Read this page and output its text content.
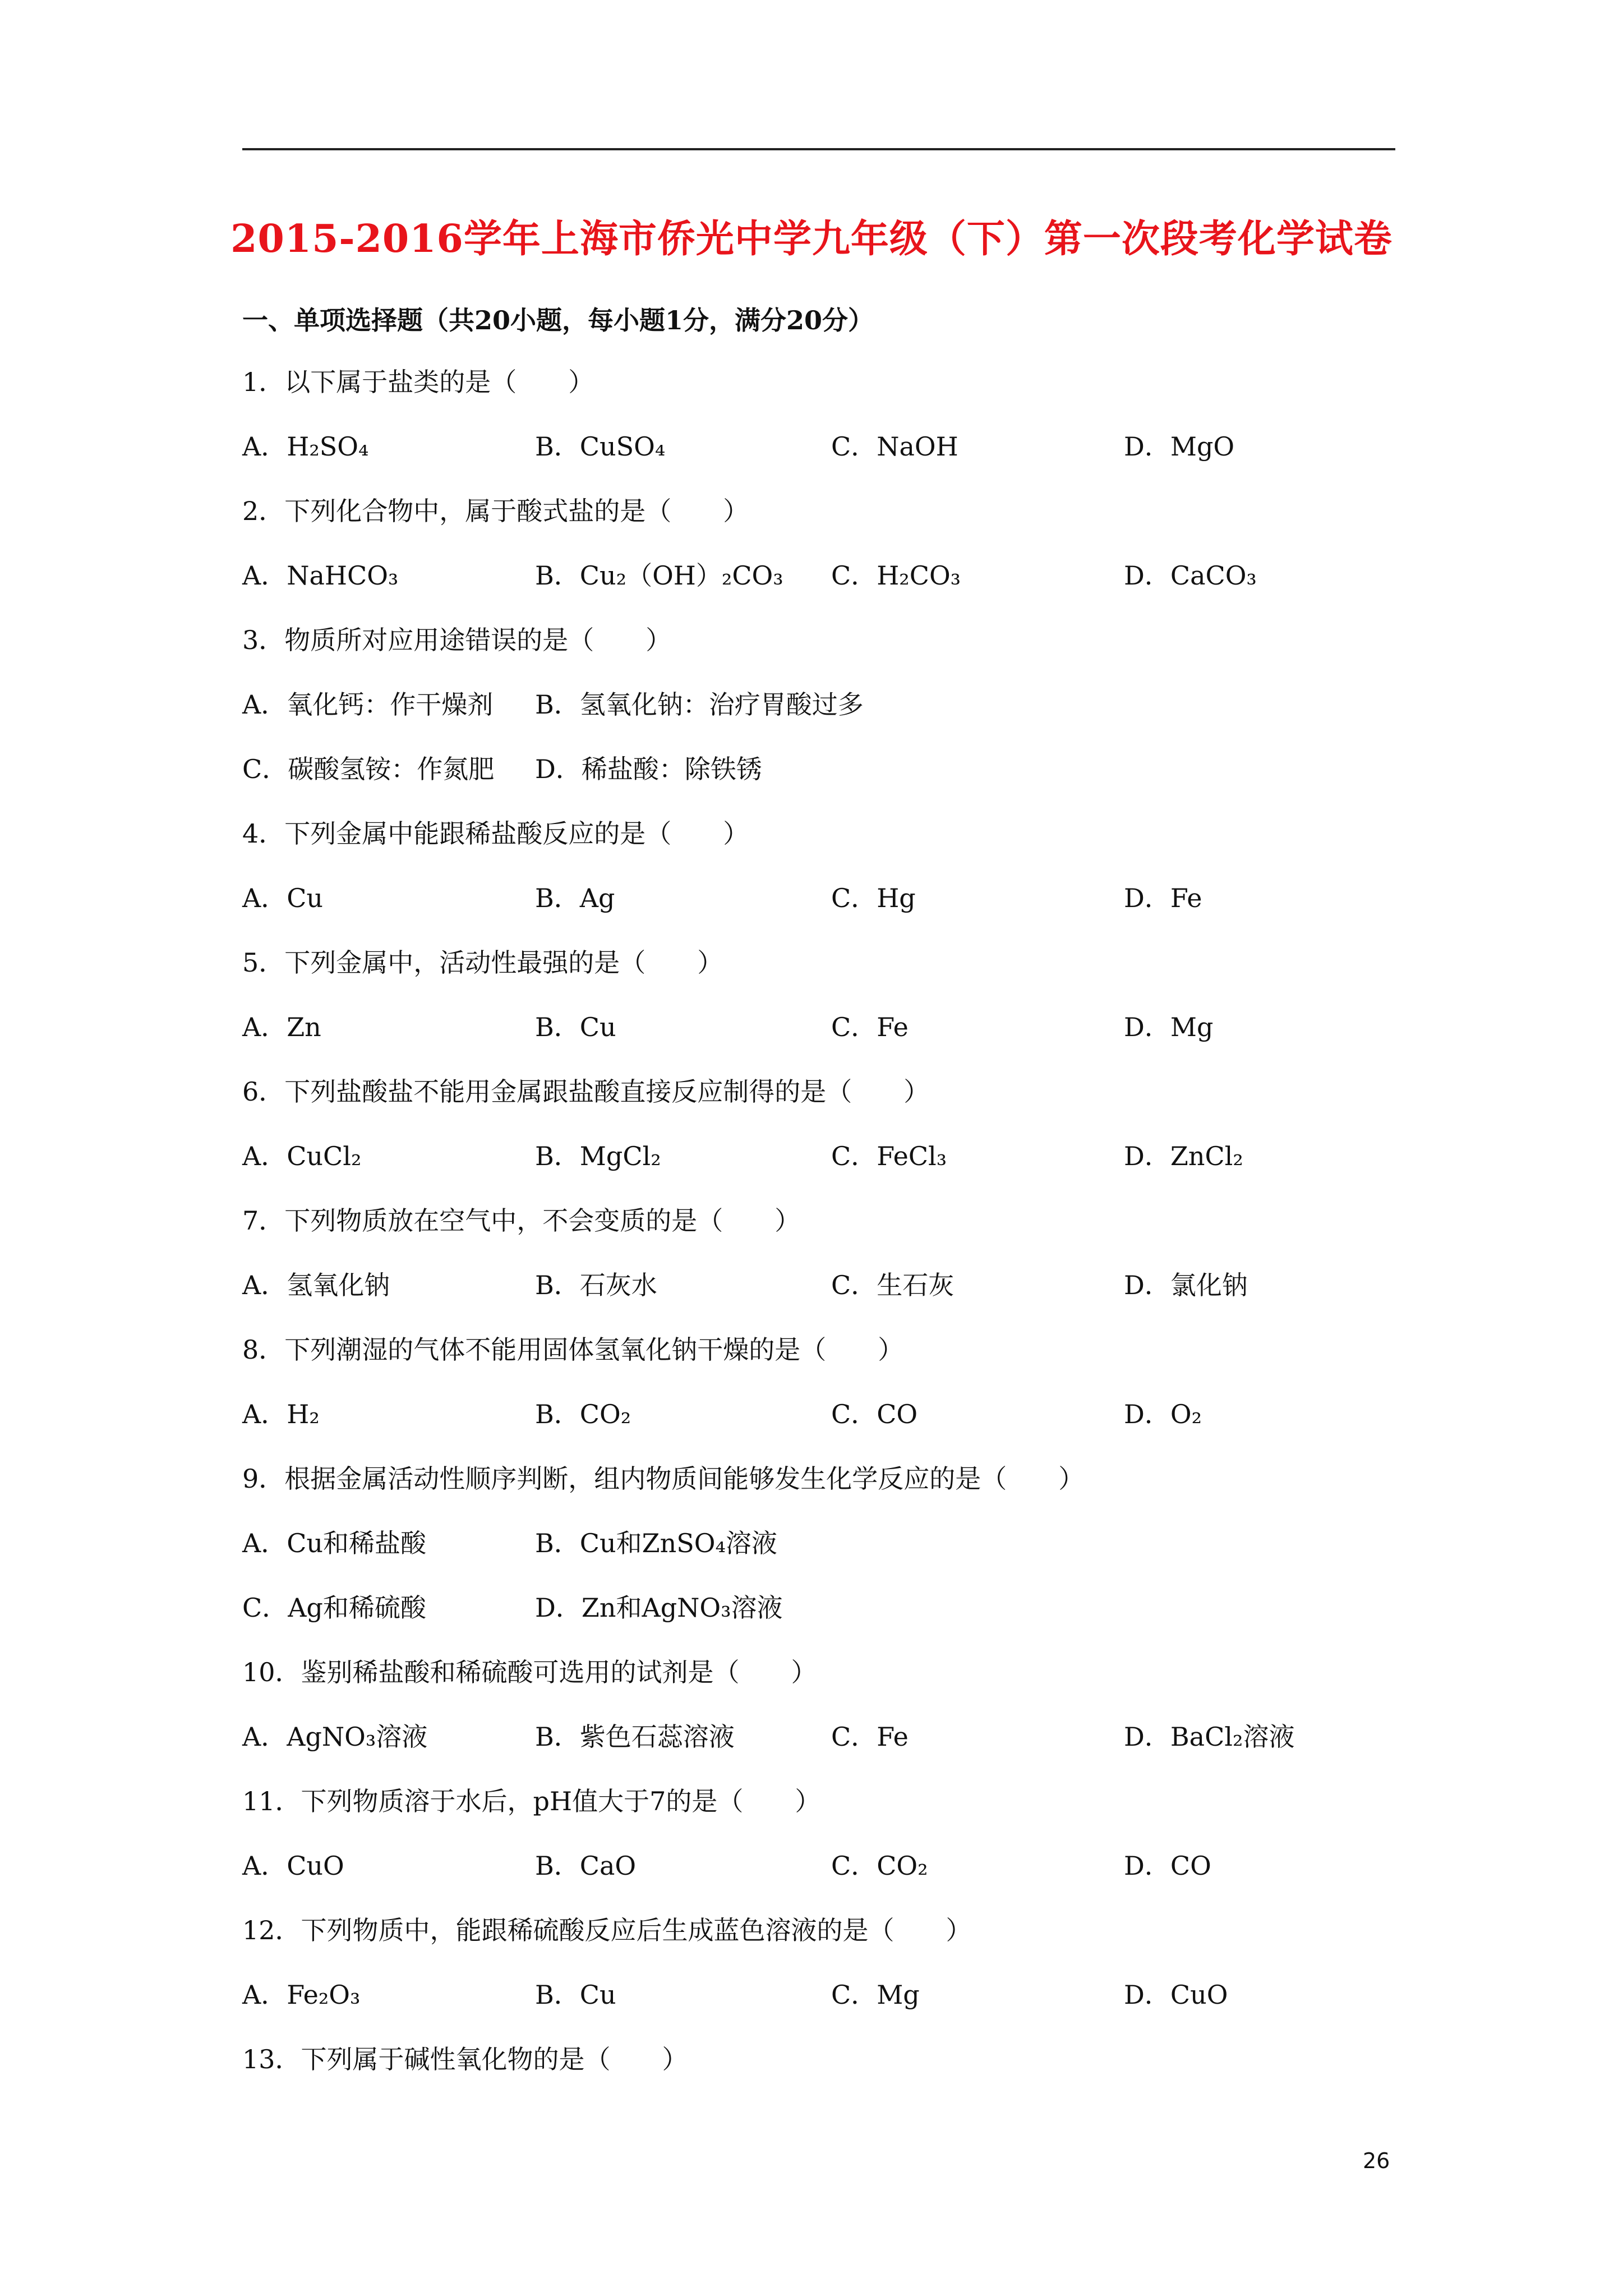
2015-2016学年上海市侨光中学九年级（下）第一次段考化学试卷
一、单项选择题（共20小题，每小题1分，满分20分）
1．以下属于盐类的是（　　）
A．H₂SO₄	B．CuSO₄	C．NaOH	D．MgO
2．下列化合物中，属于酸式盐的是（　　）
A．NaHCO₃	B．Cu₂（OH）₂CO₃ C．H₂CO₃	D．CaCO₃
3．物质所对应用途错误的是（　　）
A．氧化钙：作干燥剂 B．氢氧化钠：治疗胃酸过多
C．碳酸氢铵：作氮肥 D．稀盐酸：除铁锈
4．下列金属中能跟稀盐酸反应的是（　　）
A．Cu	B．Ag	C．Hg	D．Fe
5．下列金属中，活动性最强的是（　　）
A．Zn	B．Cu	C．Fe	D．Mg
6．下列盐酸盐不能用金属跟盐酸直接反应制得的是（　　）
A．CuCl₂	B．MgCl₂	C．FeCl₃	D．ZnCl₂
7．下列物质放在空气中，不会变质的是（　　）
A．氢氧化钠	B．石灰水	C．生石灰	D．氯化钠
8．下列潮湿的气体不能用固体氢氧化钠干燥的是（　　）
A．H₂	B．CO₂	C．CO	D．O₂
9．根据金属活动性顺序判断，组内物质间能够发生化学反应的是（　　）
A．Cu和稀盐酸	B．Cu和ZnSO₄溶液
C．Ag和稀硫酸	D．Zn和AgNO₃溶液
10．鉴别稀盐酸和稀硫酸可选用的试剂是（　　）
A．AgNO₃溶液	B．紫色石蕊溶液	C．Fe	D．BaCl₂溶液
11．下列物质溶于水后，pH值大于7的是（　　）
A．CuO	B．CaO	C．CO₂	D．CO
12．下列物质中，能跟稀硫酸反应后生成蓝色溶液的是（　　）
A．Fe₂O₃	B．Cu	C．Mg	D．CuO
13．下列属于碱性氧化物的是（　　）
26
